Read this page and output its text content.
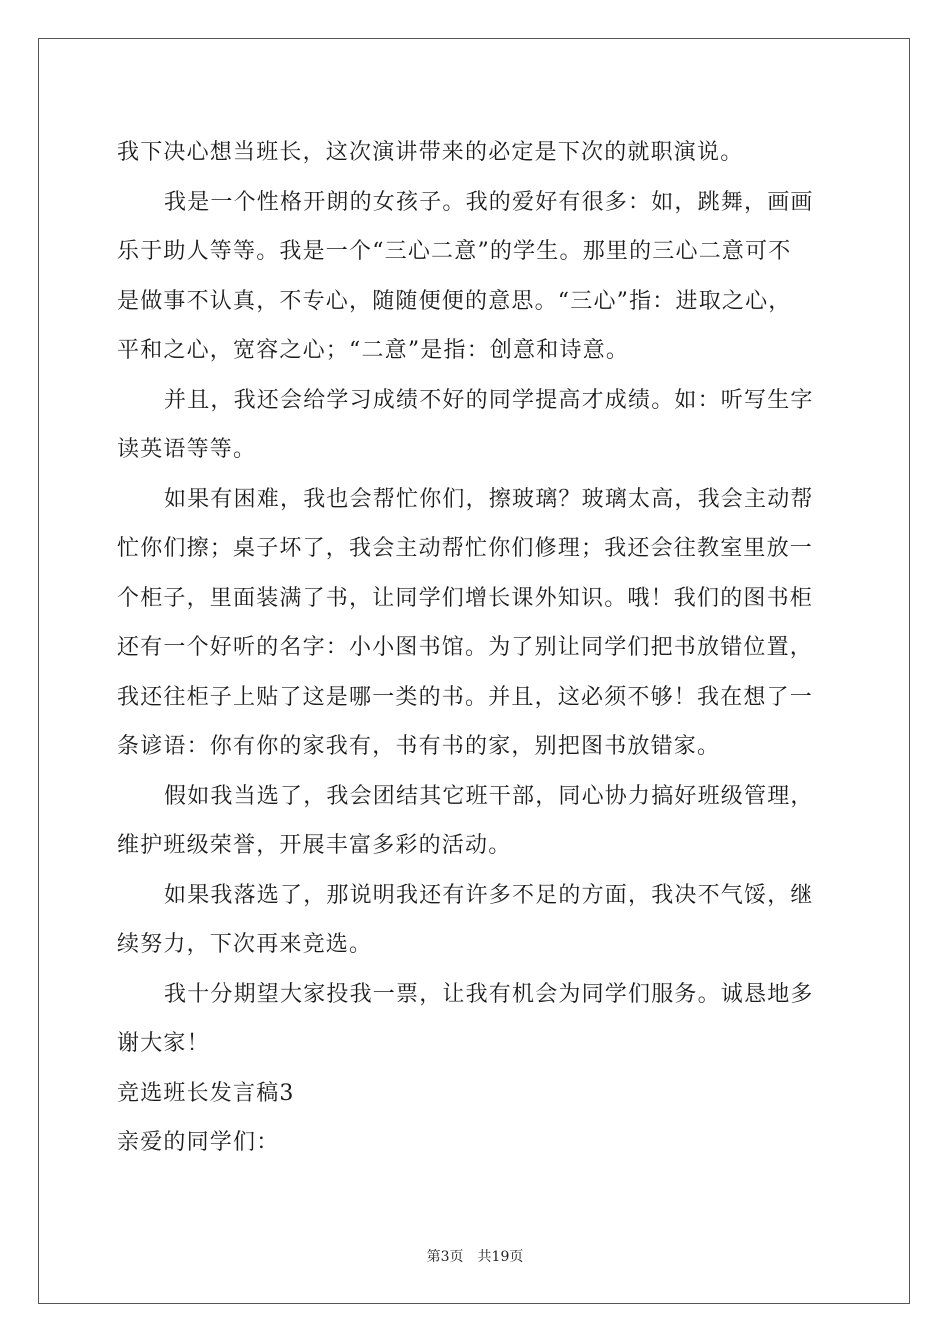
我下决心想当班长，这次演讲带来的必定是下次的就职演说。
我是一个性格开朗的女孩子。我的爱好有很多：如，跳舞，画画
乐于助人等等。我是一个“三心二意”的学生。那里的三心二意可不
是做事不认真，不专心，随随便便的意思。“三心”指：进取之心，
平和之心，宽容之心；“二意”是指：创意和诗意。
并且，我还会给学习成绩不好的同学提高才成绩。如：听写生字
读英语等等。
如果有困难，我也会帮忙你们，擦玻璃？玻璃太高，我会主动帮
忙你们擦；桌子坏了，我会主动帮忙你们修理；我还会往教室里放一
个柜子，里面装满了书，让同学们增长课外知识。哦！我们的图书柜
还有一个好听的名字：小小图书馆。为了别让同学们把书放错位置，
我还往柜子上贴了这是哪一类的书。并且，这必须不够！我在想了一
条谚语：你有你的家我有，书有书的家，别把图书放错家。
假如我当选了，我会团结其它班干部，同心协力搞好班级管理，
维护班级荣誉，开展丰富多彩的活动。
如果我落选了，那说明我还有许多不足的方面，我决不气馁，继
续努力，下次再来竞选。
我十分期望大家投我一票，让我有机会为同学们服务。诚恳地多
谢大家！
竞选班长发言稿3
亲爱的同学们：
第3页 共19页
